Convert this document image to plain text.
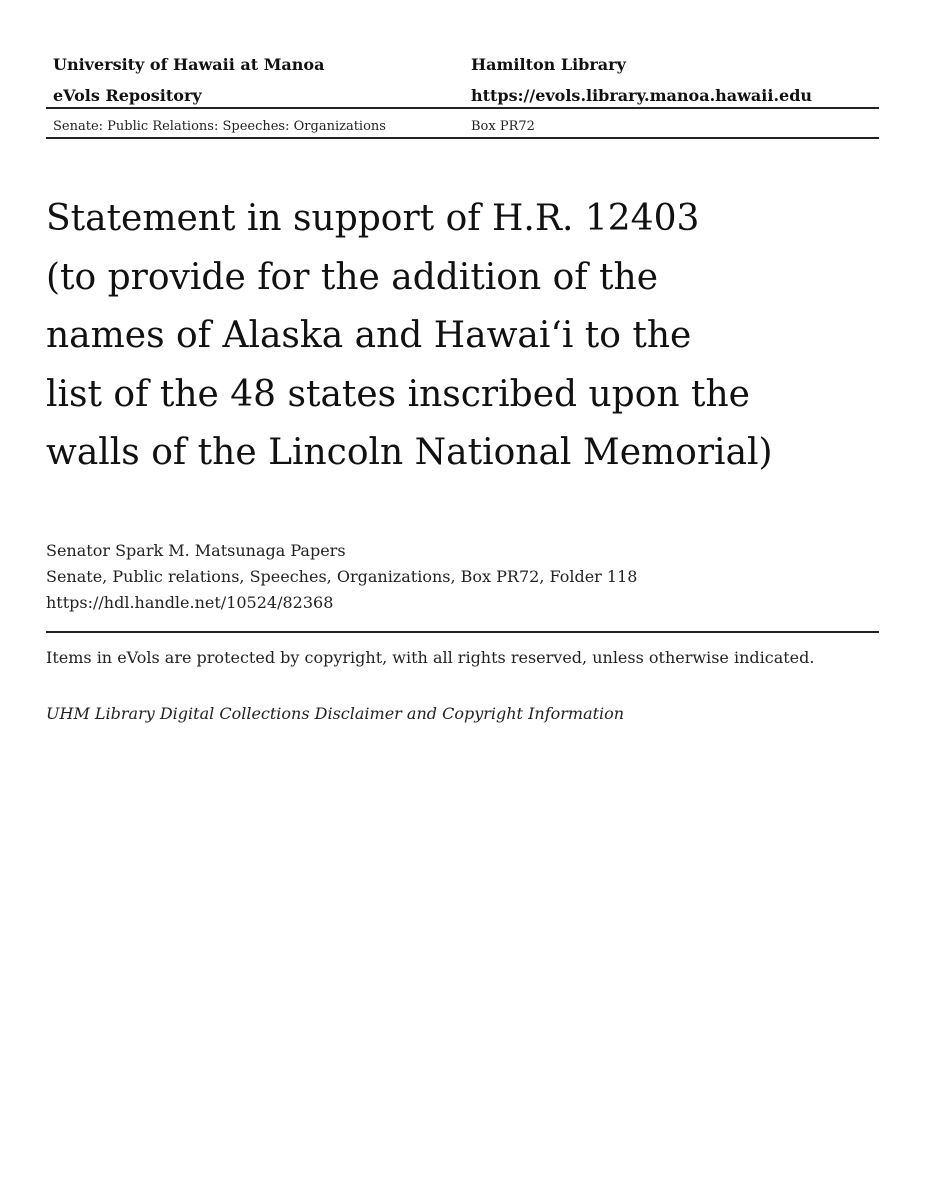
University of Hawaii at Manoa	Hamilton Library
eVols Repository	https://evols.library.manoa.hawaii.edu
Senate: Public Relations: Speeches: Organizations	Box PR72
Statement in support of H.R. 12403
(to provide for the addition of the
names of Alaska and Hawai‘i to the
list of the 48 states inscribed upon the
walls of the Lincoln National Memorial)
Senator Spark M. Matsunaga Papers
Senate, Public relations, Speeches, Organizations, Box PR72, Folder 118
https://hdl.handle.net/10524/82368
Items in eVols are protected by copyright, with all rights reserved, unless otherwise indicated.
UHM Library Digital Collections Disclaimer and Copyright Information
